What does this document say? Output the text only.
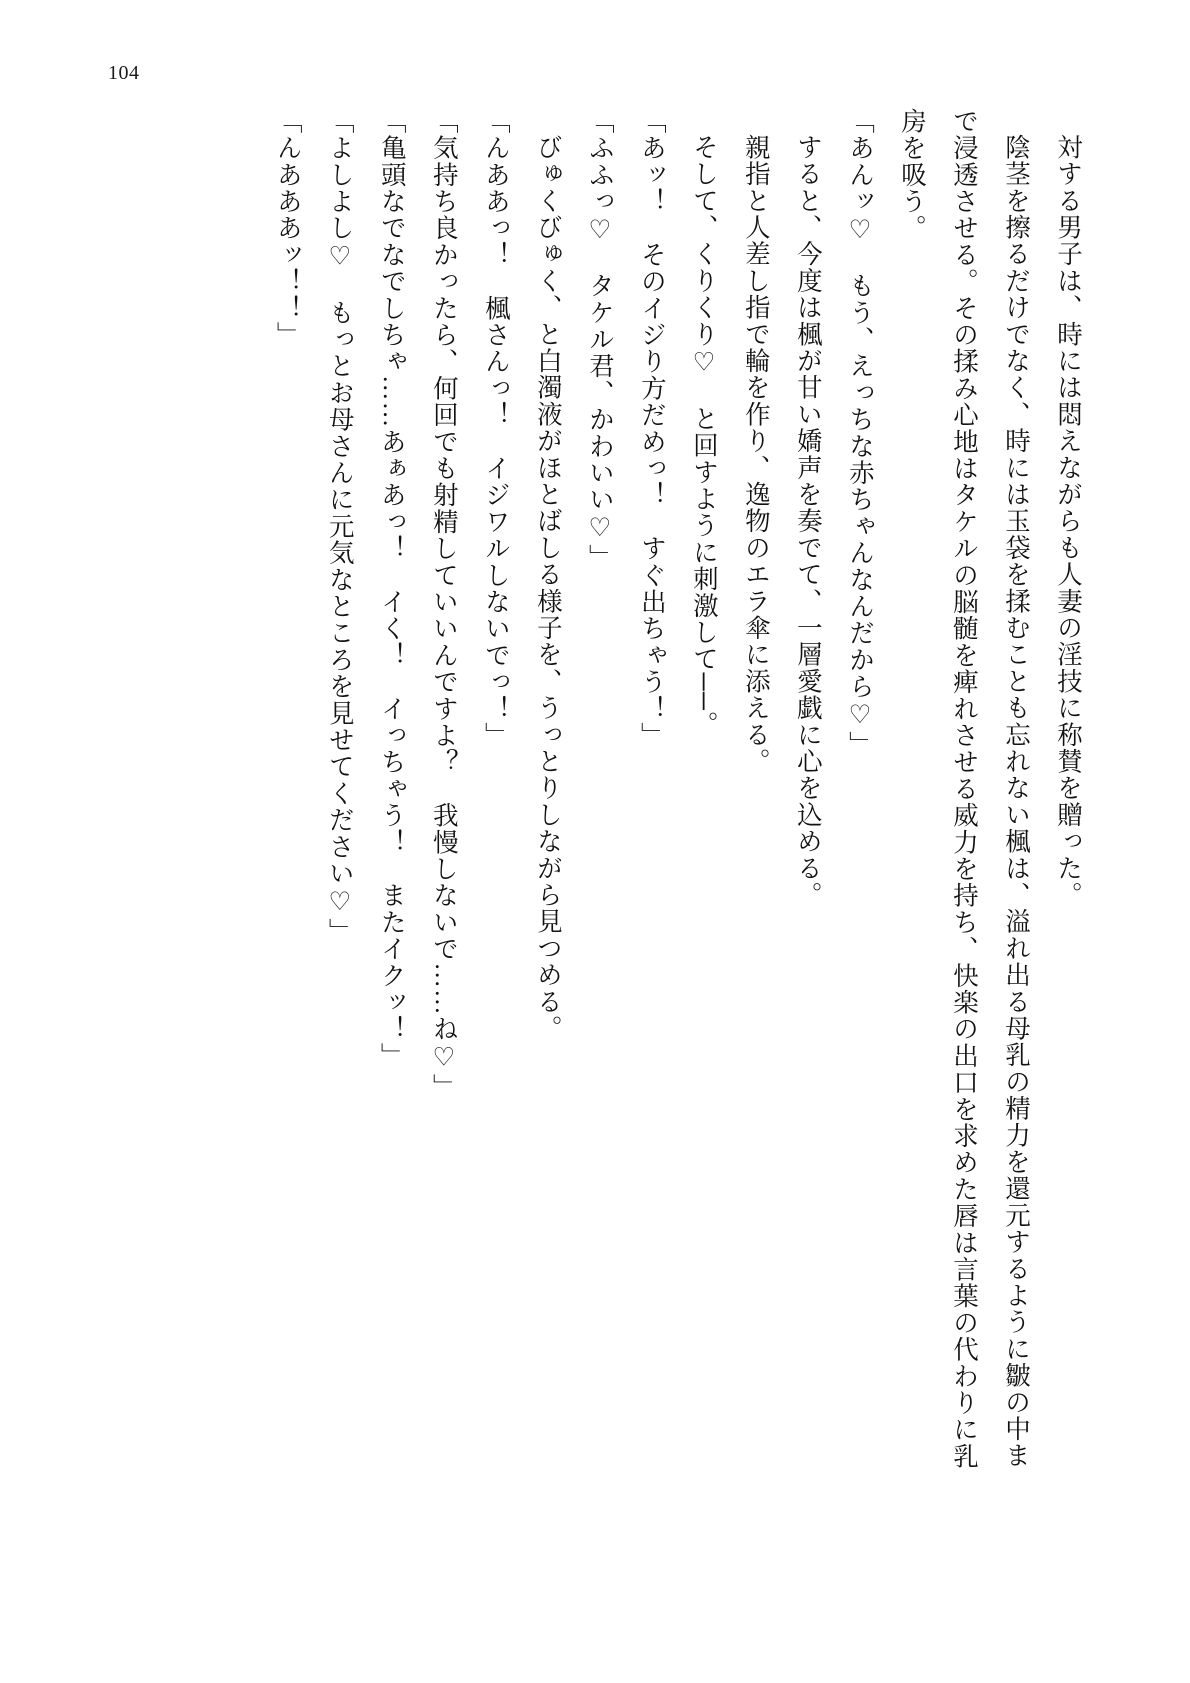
104

対する男子は、時には悶えながらも人妻の淫技に称賛を贈った。

陰茎を擦るだけでなく、時には玉袋を揉むことも忘れない楓は、溢れ出る母乳の精力を還元するように皺の中まで浸透させる。その揉み心地はタケルの脳髄を痺れさせる威力を持ち、快楽の出口を求めた唇は言葉の代わりに乳房を吸う。

「あんッ♡　もう、えっちな赤ちゃんなんだから♡」

すると、今度は楓が甘い嬌声を奏でて、一層愛戯に心を込める。

親指と人差し指で輪を作り、逸物のエラ傘に添える。

そして、くりくり♡　と回すように刺激して──。

「あッ！　そのイジり方だめっ！　すぐ出ちゃう！」

「ふふっ♡　タケル君、かわいい♡」

びゅくびゅく、と白濁液がほとばしる様子を、うっとりしながら見つめる。

「んああっ！　楓さんっ！　イジワルしないでっ！」

「気持ち良かったら、何回でも射精していいんですよ？　我慢しないで……ね♡」

「亀頭なでなでしちゃ……あぁあっ！　イく！　イっちゃう！　またイクッ！」

「よしよし♡　もっとお母さんに元気なところを見せてください♡」

「んあああッ！！」
